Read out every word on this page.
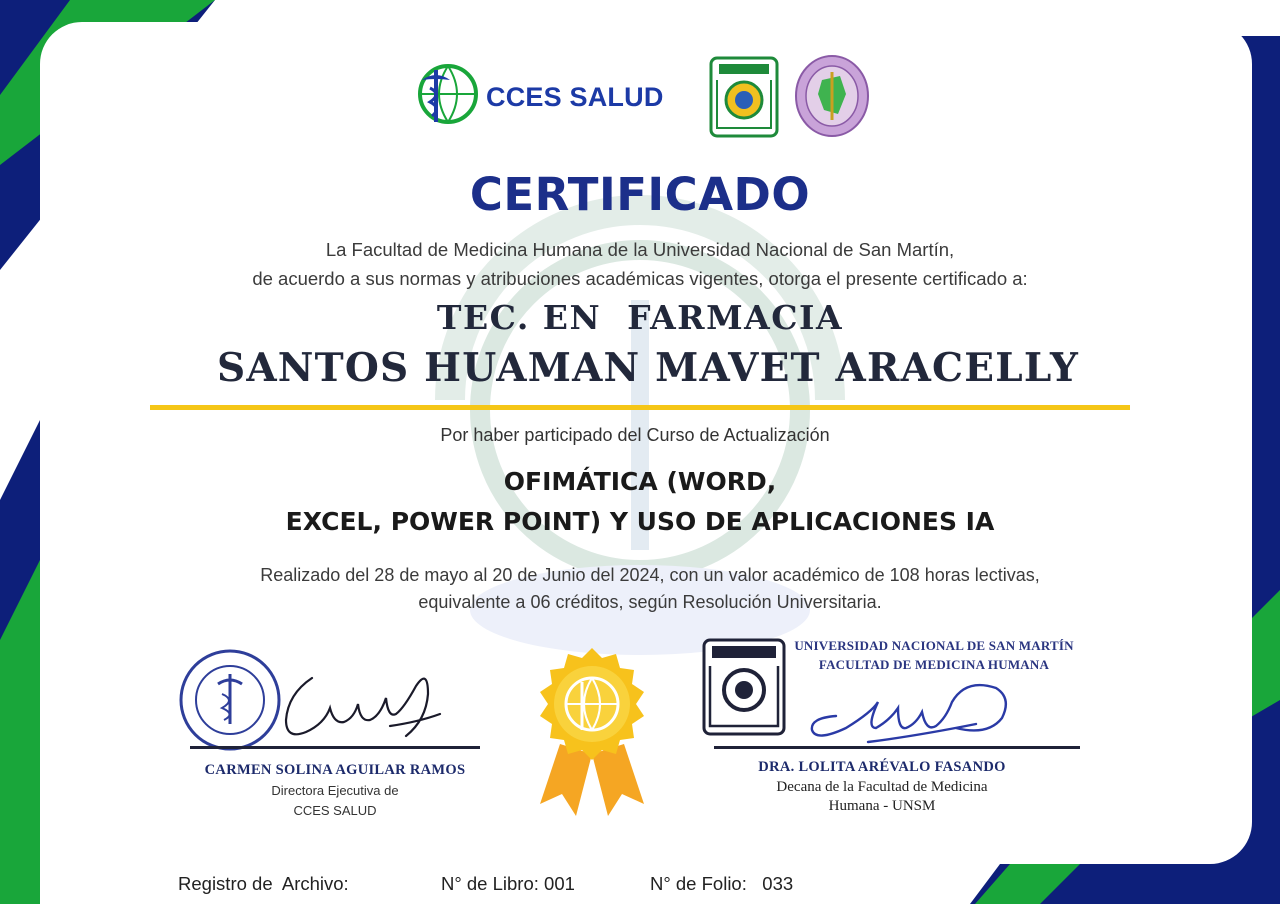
CCES SALUD
CERTIFICADO
La Facultad de Medicina Humana de la Universidad Nacional de San Martín,
de acuerdo a sus normas y atribuciones académicas vigentes, otorga el presente certificado a:
TEC. EN  FARMACIA
SANTOS HUAMAN MAVET ARACELLY
Por haber participado del Curso de Actualización
OFIMÁTICA (WORD,
EXCEL, POWER POINT) Y USO DE APLICACIONES IA
Realizado del 28 de mayo al 20 de Junio del 2024, con un valor académico de 108 horas lectivas,
equivalente a 06 créditos, según Resolución Universitaria.
CARMEN SOLINA AGUILAR RAMOS
Directora Ejecutiva de
CCES SALUD
UNIVERSIDAD NACIONAL DE SAN MARTÍN
FACULTAD DE MEDICINA HUMANA
DRA. LOLITA ARÉVALO FASANDO
Decana de la Facultad de Medicina
Humana - UNSM
Registro de  Archivo:	N° de Libro: 001	N° de Folio:   033
